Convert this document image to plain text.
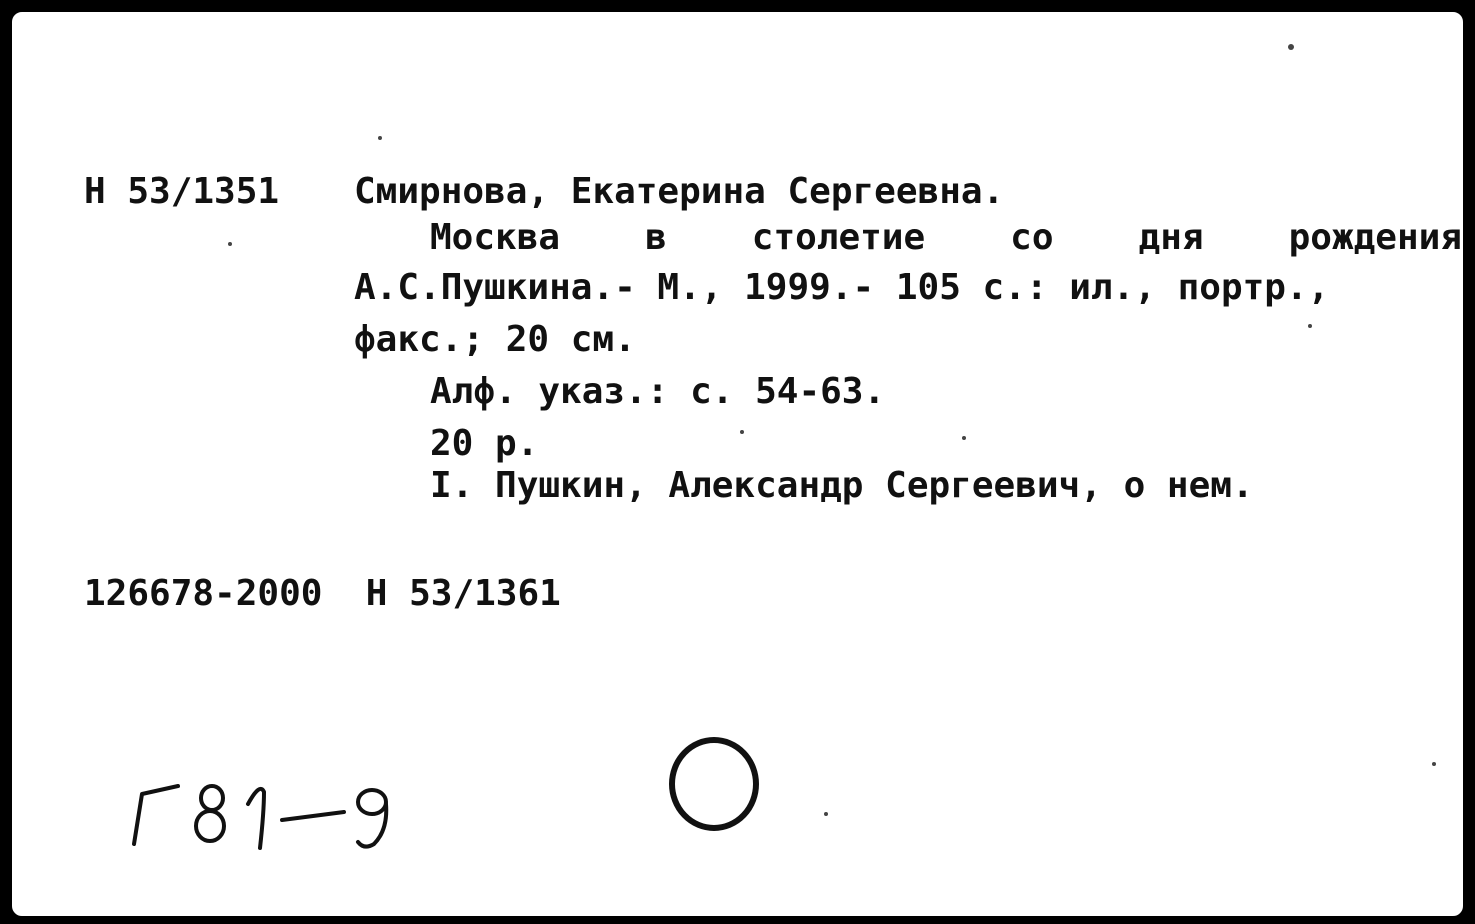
Н 53/1351 Смирнова, Екатерина Сергеевна.

Москва в столетие со дня рождения

А.С.Пушкина.- М., 1999.- 105 с.: ил., портр.,

факс.; 20 см.

Алф. указ.: с. 54-63.

20 р.

I. Пушкин, Александр Сергеевич, о нем.

126678-2000  Н 53/1361
